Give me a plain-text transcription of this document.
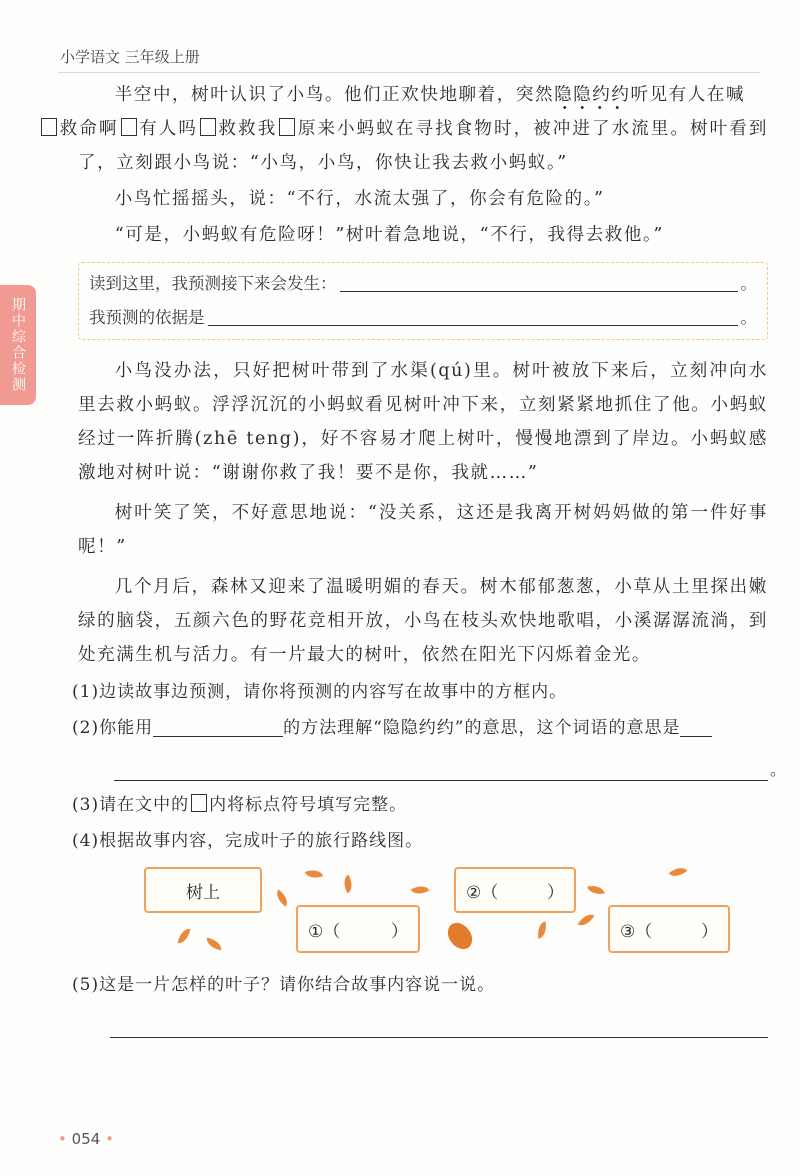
小学语文 三年级上册
期中综合检测

半空中，树叶认识了小鸟。他们正欢快地聊着，突然隐隐约约听见有人在喊
救命啊 有人吗 救救我 原来小蚂蚁在寻找食物时，被冲进了水流里。树叶看到了，立刻跟小鸟说：“小鸟，小鸟，你快让我去救小蚂蚁。”

小鸟忙摇摇头，说：“不行，水流太强了，你会有危险的。”

“可是，小蚂蚁有危险呀！”树叶着急地说，“不行，我得去救他。”

读到这里，我预测接下来会发生：	。
我预测的依据是	。

小鸟没办法，只好把树叶带到了水渠(qú)里。树叶被放下来后，立刻冲向水里去救小蚂蚁。浮浮沉沉的小蚂蚁看见树叶冲下来，立刻紧紧地抓住了他。小蚂蚁经过一阵折腾(zhē teng)，好不容易才爬上树叶，慢慢地漂到了岸边。小蚂蚁感激地对树叶说：“谢谢你救了我！要不是你，我就……”

树叶笑了笑，不好意思地说：“没关系，这还是我离开树妈妈做的第一件好事呢！”

几个月后，森林又迎来了温暖明媚的春天。树木郁郁葱葱，小草从土里探出嫩绿的脑袋，五颜六色的野花竞相开放，小鸟在枝头欢快地歌唱，小溪潺潺流淌，到处充满生机与活力。有一片最大的树叶，依然在阳光下闪烁着金光。

(1)边读故事边预测，请你将预测的内容写在故事中的方框内。

(2)你能用	的方法理解“隐隐约约”的意思，这个词语的意思是

。

(3)请在文中的 内将标点符号填写完整。

(4)根据故事内容，完成叶子的旅行路线图。

树上
①（	）
②（	）
③（	）

(5)这是一片怎样的叶子？请你结合故事内容说一说。

• 054 •
